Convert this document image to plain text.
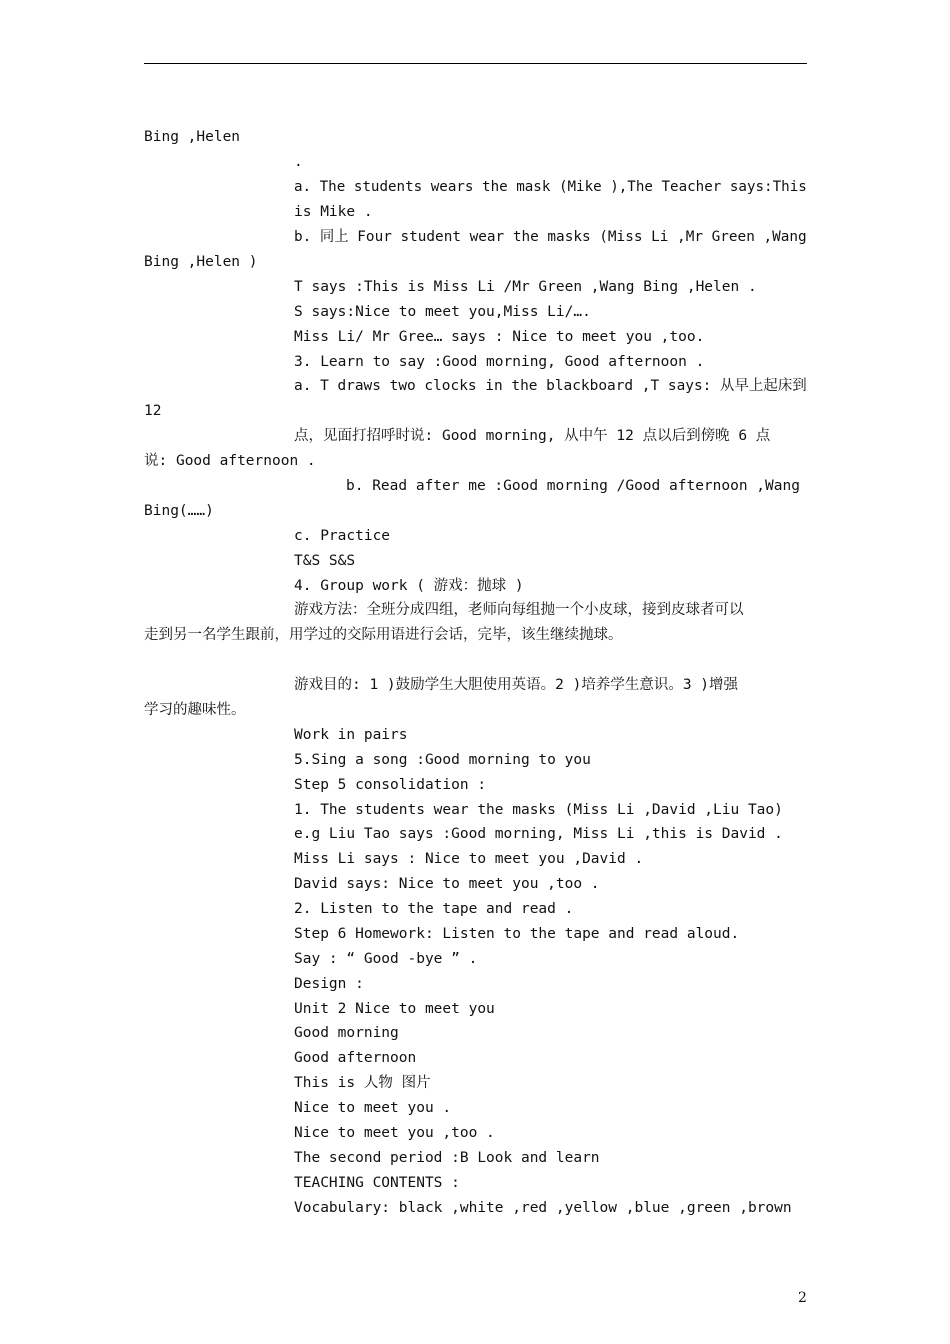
Bing ,Helen
.
a. The students wears the mask (Mike ),The Teacher says:This
is Mike .
b. 同上 Four student wear the masks (Miss Li ,Mr Green ,Wang
Bing ,Helen )
T says :This is Miss Li /Mr Green ,Wang Bing ,Helen .
S says:Nice to meet you,Miss Li/….
Miss Li/ Mr Gree… says : Nice to meet you ,too.
3. Learn to say :Good morning, Good afternoon .
a. T draws two clocks in the blackboard ,T says: 从早上起床到
12
点，见面打招呼时说: Good morning, 从中午 12 点以后到傍晚 6 点
说: Good afternoon .
b. Read after me :Good morning /Good afternoon ,Wang
Bing(……)
c. Practice
T&S S&S
4. Group work ( 游戏：抛球 )
游戏方法：全班分成四组，老师向每组抛一个小皮球，接到皮球者可以
走到另一名学生跟前，用学过的交际用语进行会话，完毕，该生继续抛球。
游戏目的: 1 )鼓励学生大胆使用英语。2 )培养学生意识。3 )增强
学习的趣味性。
Work in pairs
5.Sing a song :Good morning to you
Step 5 consolidation :
1. The students wear the masks (Miss Li ,David ,Liu Tao)
e.g Liu Tao says :Good morning, Miss Li ,this is David .
Miss Li says : Nice to meet you ,David .
David says: Nice to meet you ,too .
2. Listen to the tape and read .
Step 6 Homework: Listen to the tape and read aloud.
Say : “ Good -bye ” .
Design :
Unit 2 Nice to meet you
Good morning
Good afternoon
This is 人物 图片
Nice to meet you .
Nice to meet you ,too .
The second period :B Look and learn
TEACHING CONTENTS :
Vocabulary: black ,white ,red ,yellow ,blue ,green ,brown
2
